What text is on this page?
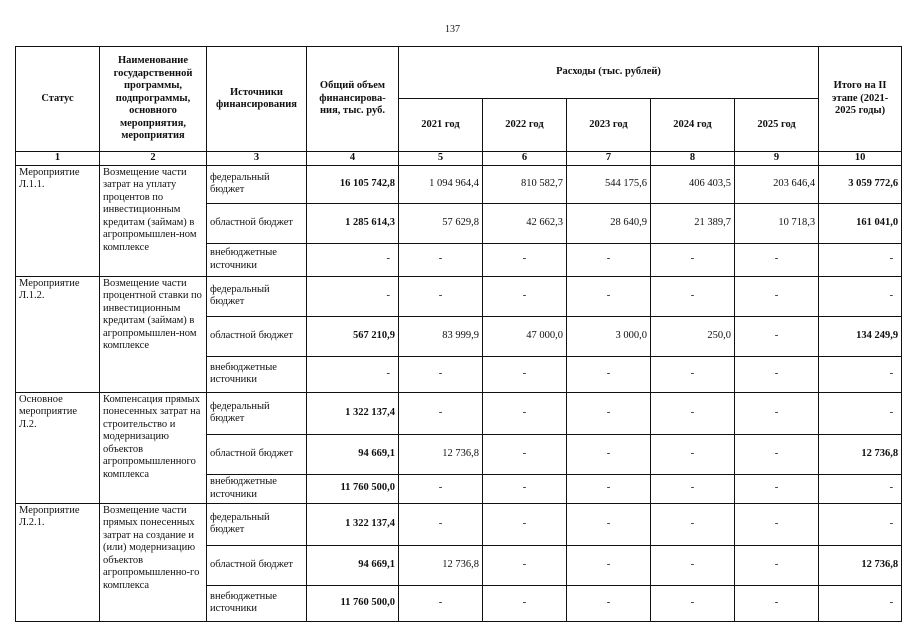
137
Статус	Наименование государственной программы, подпрограммы, основного мероприятия, мероприятия	Источники финансирования	Общий объем финансирова-ния, тыс. руб.	Расходы (тыс. рублей)					Итого на II этапе (2021-2025 годы)
				2021 год	2022 год	2023 год	2024 год	2025 год	
1	2	3	4	5	6	7	8	9	10
Мероприятие Л.1.1.	Возмещение части затрат на уплату процентов по инвестиционным кредитам (займам) в агропромышлен-ном комплексе	федеральный бюджет	16 105 742,8	1 094 964,4	810 582,7	544 175,6	406 403,5	203 646,4	3 059 772,6
		областной бюджет	1 285 614,3	57 629,8	42 662,3	28 640,9	21 389,7	10 718,3	161 041,0
		внебюджетные источники	-	-	-	-	-	-	-
Мероприятие Л.1.2.	Возмещение части процентной ставки по инвестиционным кредитам (займам) в агропромышлен-ном комплексе	федеральный бюджет	-	-	-	-	-	-	-
		областной бюджет	567 210,9	83 999,9	47 000,0	3 000,0	250,0	-	134 249,9
		внебюджетные источники	-	-	-	-	-	-	-
Основное мероприятие Л.2.	Компенсация прямых понесенных затрат на строительство и модернизацию объектов агропромышленного комплекса	федеральный бюджет	1 322 137,4	-	-	-	-	-	-
		областной бюджет	94 669,1	12 736,8	-	-	-	-	12 736,8
		внебюджетные источники	11 760 500,0	-	-	-	-	-	-
Мероприятие Л.2.1.	Возмещение части прямых понесенных затрат на создание и (или) модернизацию объектов агропромышленно-го комплекса	федеральный бюджет	1 322 137,4	-	-	-	-	-	-
		областной бюджет	94 669,1	12 736,8	-	-	-	-	12 736,8
		внебюджетные источники	11 760 500,0	-	-	-	-	-	-
